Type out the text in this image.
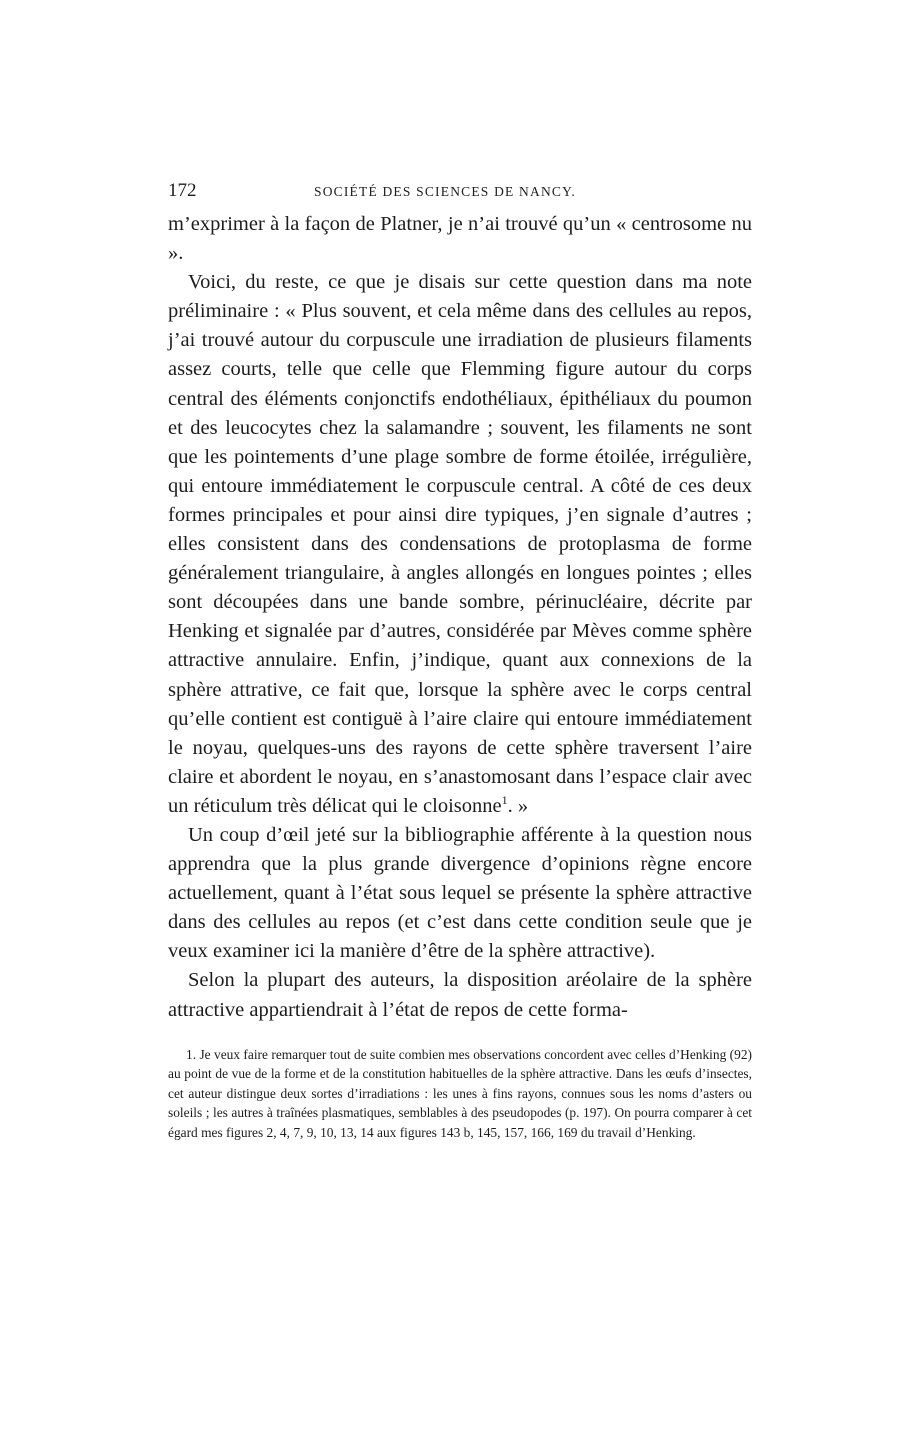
172	SOCIÉTÉ DES SCIENCES DE NANCY.

m’exprimer à la façon de Platner, je n’ai trouvé qu’un « centrosome nu ».

Voici, du reste, ce que je disais sur cette question dans ma note préliminaire : « Plus souvent, et cela même dans des cellules au repos, j’ai trouvé autour du corpuscule une irradiation de plusieurs filaments assez courts, telle que celle que Flemming figure autour du corps central des éléments conjonctifs endothéliaux, épithéliaux du poumon et des leucocytes chez la salamandre ; souvent, les filaments ne sont que les pointements d’une plage sombre de forme étoilée, irrégulière, qui entoure immédiatement le corpuscule central. A côté de ces deux formes principales et pour ainsi dire typiques, j’en signale d’autres ; elles consistent dans des condensations de protoplasma de forme généralement triangulaire, à angles allongés en longues pointes ; elles sont découpées dans une bande sombre, périnucléaire, décrite par Henking et signalée par d’autres, considérée par Mèves comme sphère attractive annulaire. Enfin, j’indique, quant aux connexions de la sphère attrative, ce fait que, lorsque la sphère avec le corps central qu’elle contient est contiguë à l’aire claire qui entoure immédiatement le noyau, quelques-uns des rayons de cette sphère traversent l’aire claire et abordent le noyau, en s’anastomosant dans l’espace clair avec un réticulum très délicat qui le cloisonne$^1$. »

Un coup d’œil jeté sur la bibliographie afférente à la question nous apprendra que la plus grande divergence d’opinions règne encore actuellement, quant à l’état sous lequel se présente la sphère attractive dans des cellules au repos (et c’est dans cette condition seule que je veux examiner ici la manière d’être de la sphère attractive).

Selon la plupart des auteurs, la disposition aréolaire de la sphère attractive appartiendrait à l’état de repos de cette forma-

1. Je veux faire remarquer tout de suite combien mes observations concordent avec celles d’Henking (92) au point de vue de la forme et de la constitution habituelles de la sphère attractive. Dans les œufs d’insectes, cet auteur distingue deux sortes d’irradiations : les unes à fins rayons, connues sous les noms d’asters ou soleils ; les autres à traînées plasmatiques, semblables à des pseudopodes (p. 197). On pourra comparer à cet égard mes figures 2, 4, 7, 9, 10, 13, 14 aux figures 143 b, 145, 157, 166, 169 du travail d’Henking.
